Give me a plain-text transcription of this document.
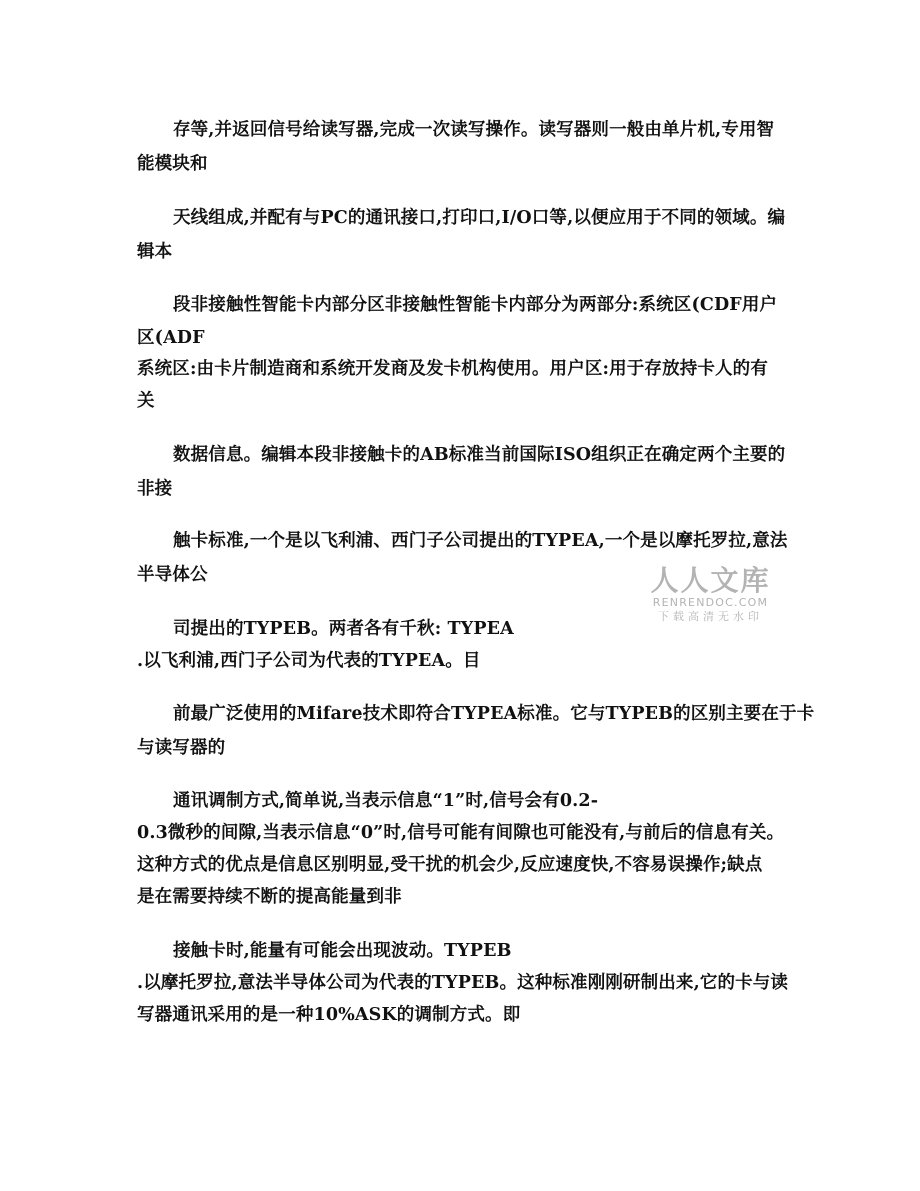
存等,并返回信号给读写器,完成一次读写操作。读写器则一般由单片机,专用智
能模块和
天线组成,并配有与PC的通讯接口,打印口,I/O口等,以便应用于不同的领域。编
辑本
段非接触性智能卡内部分区非接触性智能卡内部分为两部分:系统区(CDF用户
区(ADF
系统区:由卡片制造商和系统开发商及发卡机构使用。用户区:用于存放持卡人的有
关
数据信息。编辑本段非接触卡的AB标准当前国际ISO组织正在确定两个主要的
非接
触卡标准,一个是以飞利浦、西门子公司提出的TYPEA,一个是以摩托罗拉,意法
半导体公
司提出的TYPEB。两者各有千秋: TYPEA
.以飞利浦,西门子公司为代表的TYPEA。目
前最广泛使用的Mifare技术即符合TYPEA标准。它与TYPEB的区别主要在于卡
与读写器的
通讯调制方式,简单说,当表示信息“1”时,信号会有0.2-
0.3微秒的间隙,当表示信息“0”时,信号可能有间隙也可能没有,与前后的信息有关。
这种方式的优点是信息区别明显,受干扰的机会少,反应速度快,不容易误操作;缺点
是在需要持续不断的提高能量到非
接触卡时,能量有可能会出现波动。TYPEB
.以摩托罗拉,意法半导体公司为代表的TYPEB。这种标准刚刚研制出来,它的卡与读
写器通讯采用的是一种10%ASK的调制方式。即
人人文库
RENRENDOC.COM
下载高清无水印
